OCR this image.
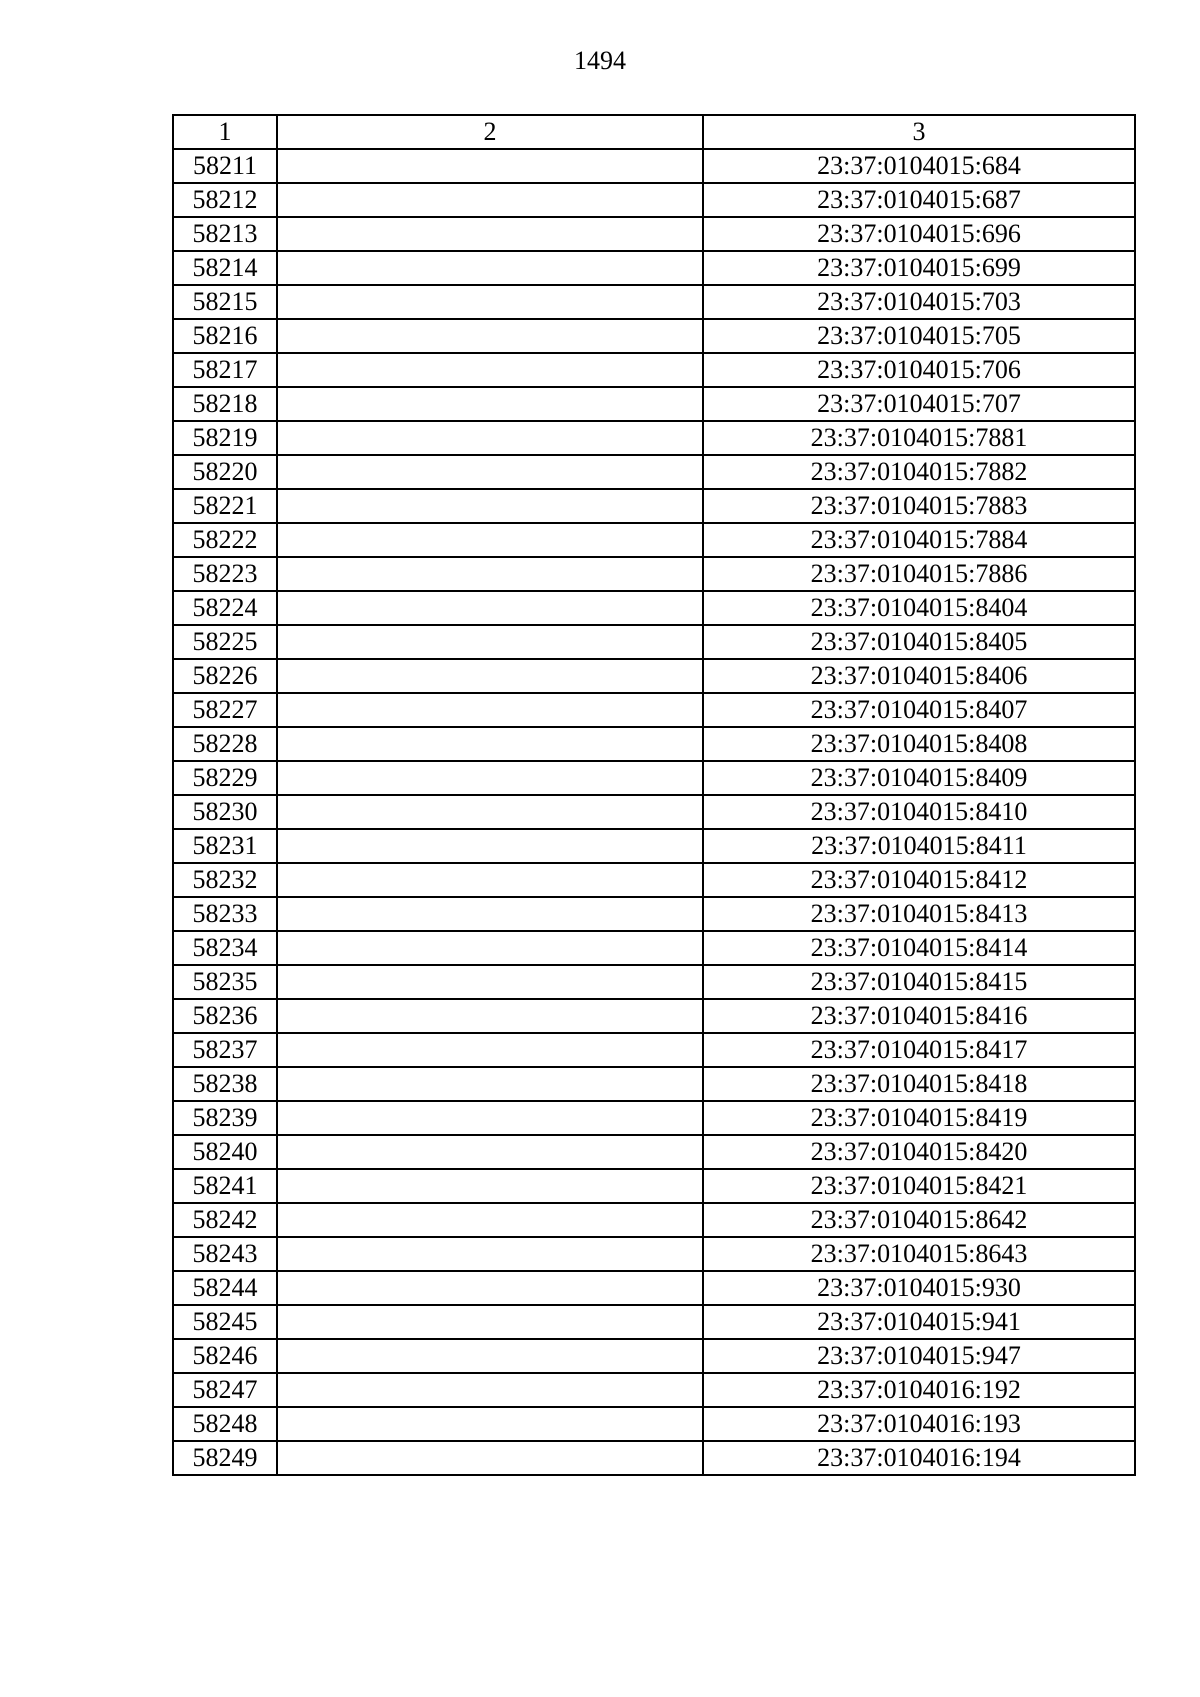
1494
1	2	3
58211		23:37:0104015:684
58212		23:37:0104015:687
58213		23:37:0104015:696
58214		23:37:0104015:699
58215		23:37:0104015:703
58216		23:37:0104015:705
58217		23:37:0104015:706
58218		23:37:0104015:707
58219		23:37:0104015:7881
58220		23:37:0104015:7882
58221		23:37:0104015:7883
58222		23:37:0104015:7884
58223		23:37:0104015:7886
58224		23:37:0104015:8404
58225		23:37:0104015:8405
58226		23:37:0104015:8406
58227		23:37:0104015:8407
58228		23:37:0104015:8408
58229		23:37:0104015:8409
58230		23:37:0104015:8410
58231		23:37:0104015:8411
58232		23:37:0104015:8412
58233		23:37:0104015:8413
58234		23:37:0104015:8414
58235		23:37:0104015:8415
58236		23:37:0104015:8416
58237		23:37:0104015:8417
58238		23:37:0104015:8418
58239		23:37:0104015:8419
58240		23:37:0104015:8420
58241		23:37:0104015:8421
58242		23:37:0104015:8642
58243		23:37:0104015:8643
58244		23:37:0104015:930
58245		23:37:0104015:941
58246		23:37:0104015:947
58247		23:37:0104016:192
58248		23:37:0104016:193
58249		23:37:0104016:194
